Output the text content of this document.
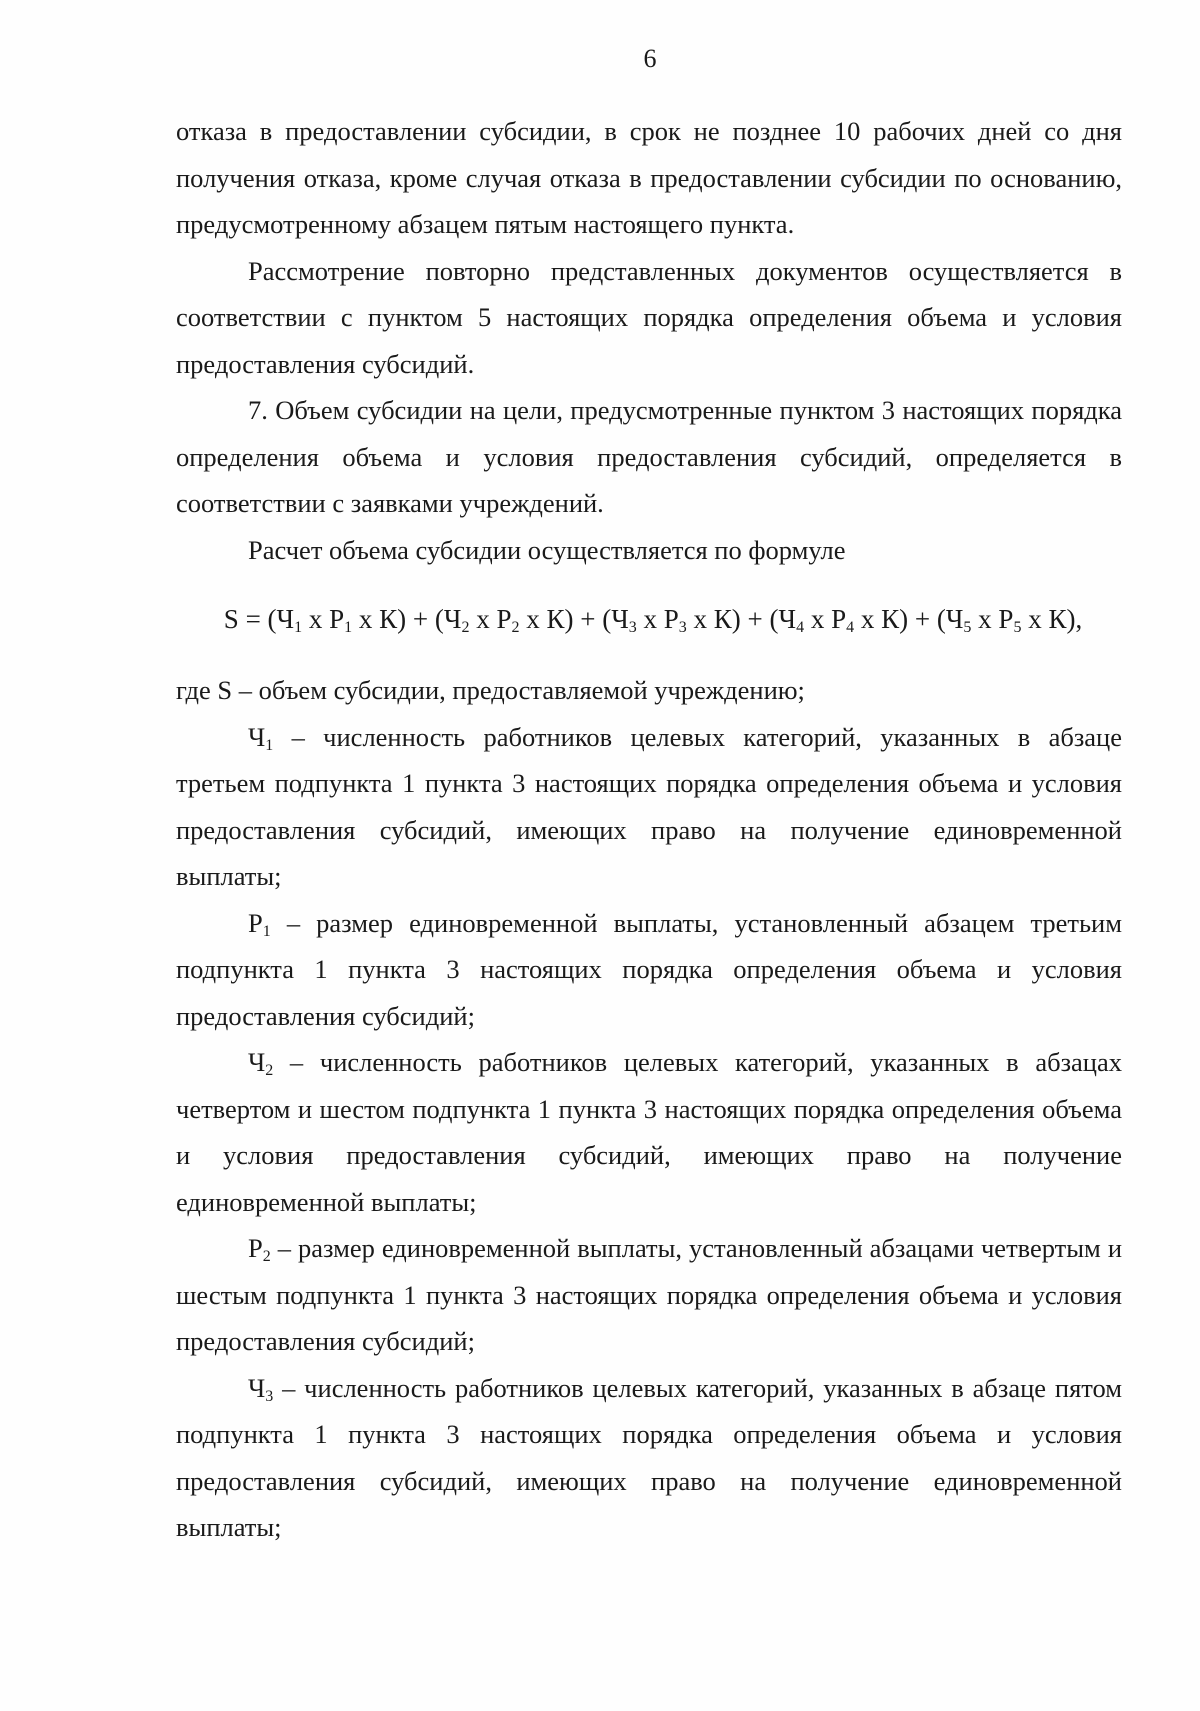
6

отказа в предоставлении субсидии, в срок не позднее 10 рабочих дней со дня получения отказа, кроме случая отказа в предоставлении субсидии по основанию, предусмотренному абзацем пятым настоящего пункта.

Рассмотрение повторно представленных документов осуществляется в соответствии с пунктом 5 настоящих порядка определения объема и условия предоставления субсидий.

7. Объем субсидии на цели, предусмотренные пунктом 3 настоящих порядка определения объема и условия предоставления субсидий, определяется в соответствии с заявками учреждений.

Расчет объема субсидии осуществляется по формуле

$S = (Ч_1$ х $Р_1$ х $К) + (Ч_2$ х $Р_2$ х $К) + (Ч_3$ х $Р_3$ х $К) + (Ч_4$ х $Р_4$ х $К) + (Ч_5$ х $Р_5$ х К),

где S – объем субсидии, предоставляемой учреждению;

$Ч_1$ – численность работников целевых категорий, указанных в абзаце третьем подпункта 1 пункта 3 настоящих порядка определения объема и условия предоставления субсидий, имеющих право на получение единовременной выплаты;

$Р_1$ – размер единовременной выплаты, установленный абзацем третьим подпункта 1 пункта 3 настоящих порядка определения объема и условия предоставления субсидий;

$Ч_2$ – численность работников целевых категорий, указанных в абзацах четвертом и шестом подпункта 1 пункта 3 настоящих порядка определения объема и условия предоставления субсидий, имеющих право на получение единовременной выплаты;

$Р_2$ – размер единовременной выплаты, установленный абзацами четвертым и шестым подпункта 1 пункта 3 настоящих порядка определения объема и условия предоставления субсидий;

$Ч_3$ – численность работников целевых категорий, указанных в абзаце пятом подпункта 1 пункта 3 настоящих порядка определения объема и условия предоставления субсидий, имеющих право на получение единовременной выплаты;
